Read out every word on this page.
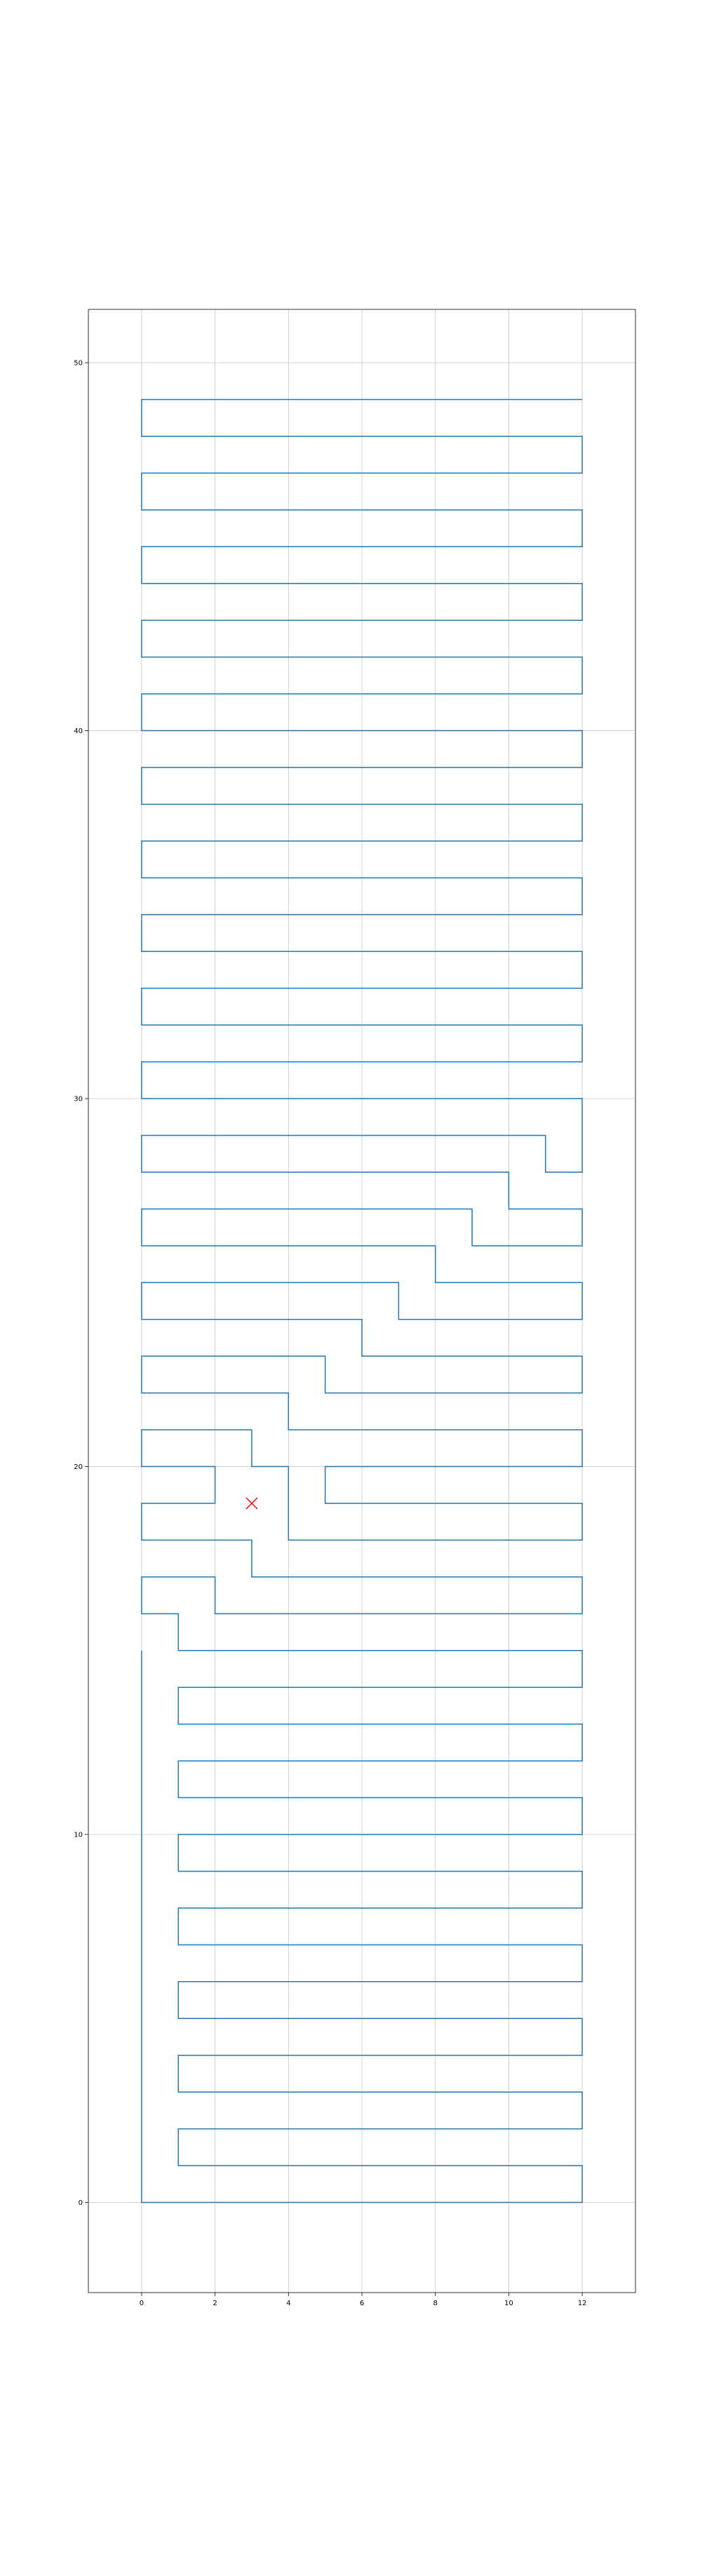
0	2	4	6	8	10	12
0
10
20
30
40
50
